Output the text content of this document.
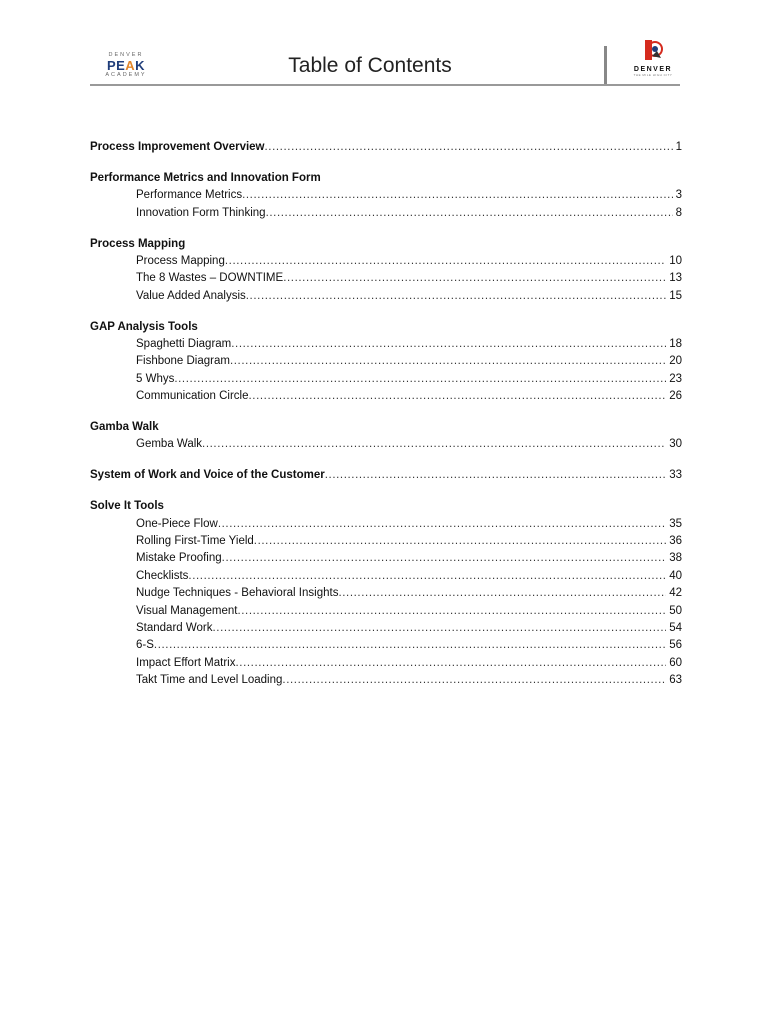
DENVER
PEAK
ACADEMY	Table of Contents	DENVER
THE MILE HIGH CITY
Process Improvement Overview .....	1
Performance Metrics and Innovation Form
Performance Metrics .....	3
Innovation Form Thinking .....	8
Process Mapping
Process Mapping .....	10
The 8 Wastes – DOWNTIME .....	13
Value Added Analysis .....	15
GAP Analysis Tools
Spaghetti Diagram .....	18
Fishbone Diagram .....	20
5 Whys .....	23
Communication Circle .....	26
Gamba Walk
Gemba Walk .....	30
System of Work and Voice of the Customer .....	33
Solve It Tools
One-Piece Flow .....	35
Rolling First-Time Yield .....	36
Mistake Proofing .....	38
Checklists .....	40
Nudge Techniques - Behavioral Insights .....	42
Visual Management .....	50
Standard Work .....	54
6-S .....	56
Impact Effort Matrix .....	60
Takt Time and Level Loading .....	63
